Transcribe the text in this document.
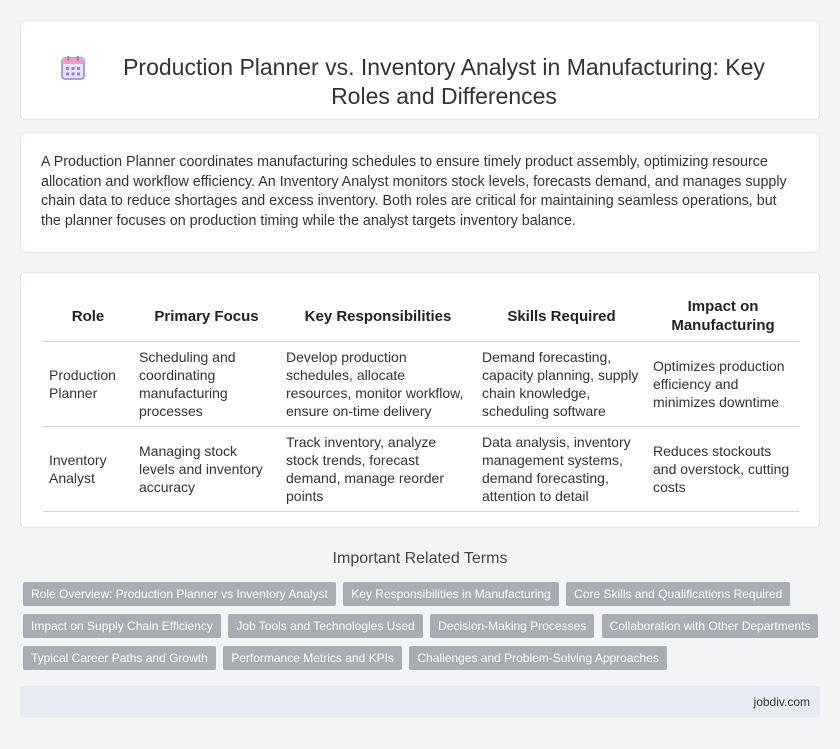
Production Planner vs. Inventory Analyst in Manufacturing: Key Roles and Differences

A Production Planner coordinates manufacturing schedules to ensure timely product assembly, optimizing resource allocation and workflow efficiency. An Inventory Analyst monitors stock levels, forecasts demand, and manages supply chain data to reduce shortages and excess inventory. Both roles are critical for maintaining seamless operations, but the planner focuses on production timing while the analyst targets inventory balance.

Role	Primary Focus	Key Responsibilities	Skills Required	Impact on Manufacturing
Production Planner	Scheduling and coordinating manufacturing processes	Develop production schedules, allocate resources, monitor workflow, ensure on-time delivery	Demand forecasting, capacity planning, supply chain knowledge, scheduling software	Optimizes production efficiency and minimizes downtime
Inventory Analyst	Managing stock levels and inventory accuracy	Track inventory, analyze stock trends, forecast demand, manage reorder points	Data analysis, inventory management systems, demand forecasting, attention to detail	Reduces stockouts and overstock, cutting costs
Important Related Terms
Role Overview: Production Planner vs Inventory Analyst Key Responsibilities in Manufacturing Core Skills and Qualifications Required Impact on Supply Chain Efficiency Job Tools and Technologies Used Decision-Making Processes Collaboration with Other Departments Typical Career Paths and Growth Performance Metrics and KPIs Challenges and Problem-Solving Approaches
jobdiv.com
